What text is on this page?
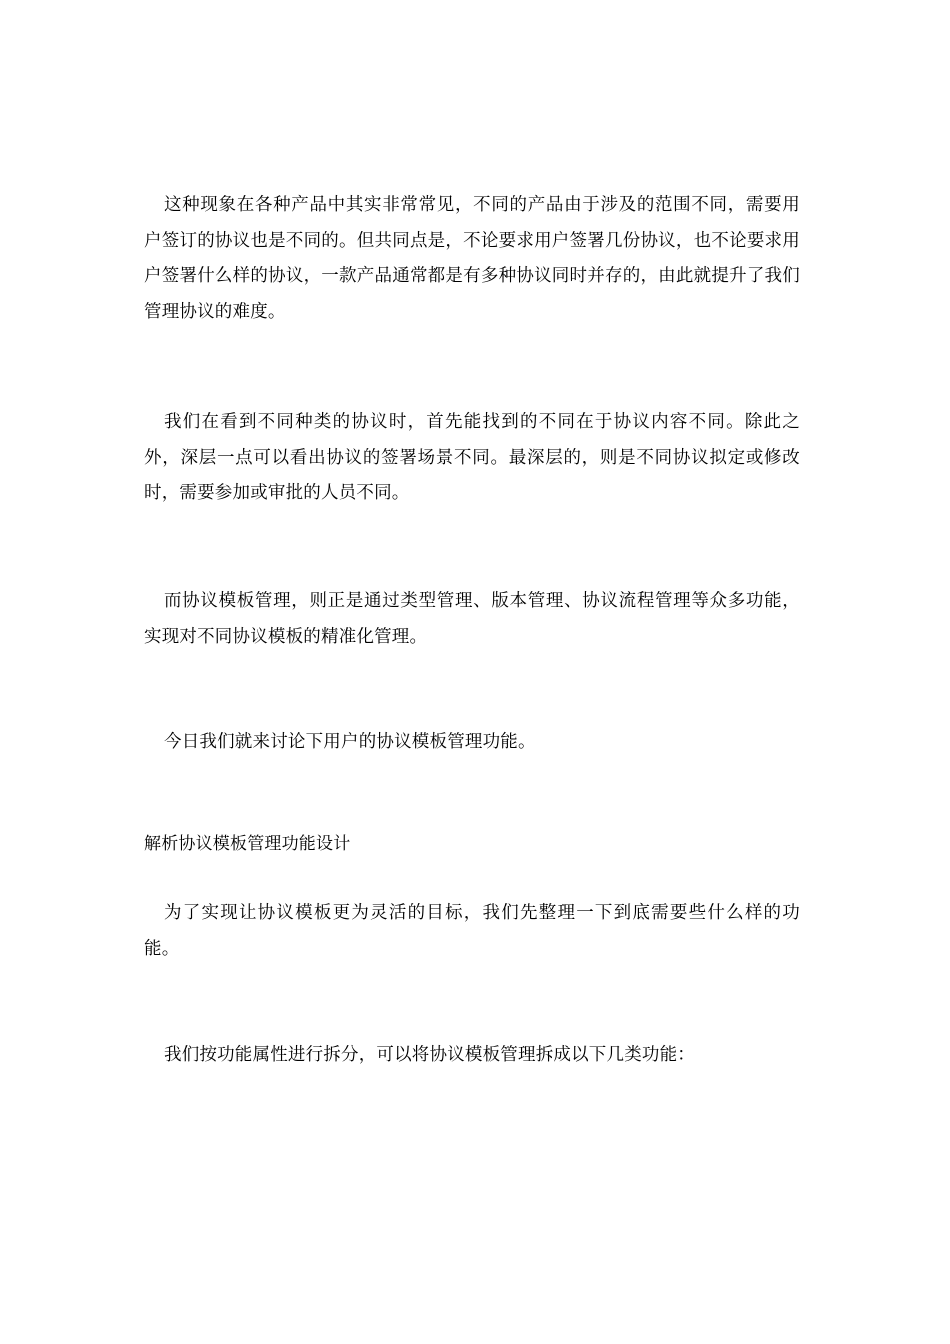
这种现象在各种产品中其实非常常见，不同的产品由于涉及的范围不同，需要用户签订的协议也是不同的。但共同点是，不论要求用户签署几份协议，也不论要求用户签署什么样的协议，一款产品通常都是有多种协议同时并存的，由此就提升了我们管理协议的难度。

我们在看到不同种类的协议时，首先能找到的不同在于协议内容不同。除此之外，深层一点可以看出协议的签署场景不同。最深层的，则是不同协议拟定或修改时，需要参加或审批的人员不同。

而协议模板管理，则正是通过类型管理、版本管理、协议流程管理等众多功能，实现对不同协议模板的精准化管理。

今日我们就来讨论下用户的协议模板管理功能。

解析协议模板管理功能设计

为了实现让协议模板更为灵活的目标，我们先整理一下到底需要些什么样的功能。

我们按功能属性进行拆分，可以将协议模板管理拆成以下几类功能：
